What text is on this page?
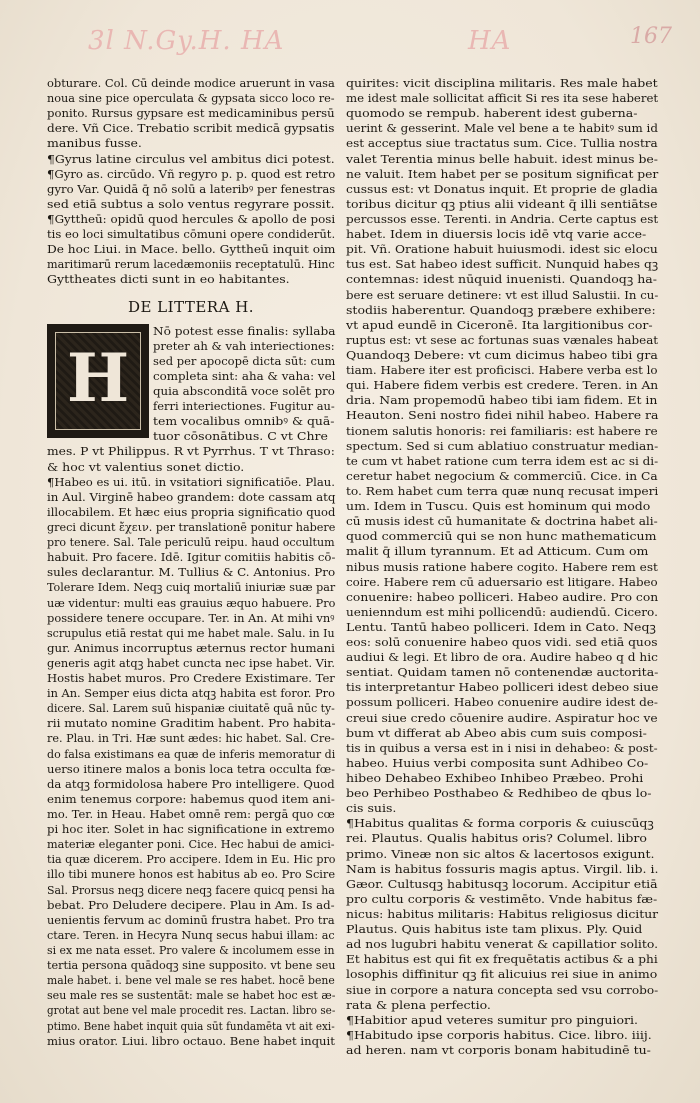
3l N.Gy.H. HA	HA	167
obturare. Col. Cū deinde modice aruerunt in vasa
noua sine pice operculata & gypsata sicco loco re-
ponito. Rursus gypsare est medicaminibus persū
dere. Vñ Cice. Trebatio scribit medicā gypsatis
manibus fusse.
¶Gyrus latine circulus vel ambitus dici potest.
¶Gyro as. circūdo. Vñ regyro p. p. quod est retro
gyro Var. Quidā q̄ nō solū a lateribꝰ per fenestras
sed etiā subtus a solo ventus regyrare possit.
¶Gyttheū: opidū quod hercules & apollo de posi
tis eo loci simultatibus cōmuni opere condiderūt.
De hoc Liui. in Mace. bello. Gyttheū inquit oim
maritimarū rerum lacedæmoniis receptatulū. Hinc
Gyttheates dicti sunt in eo habitantes.
DE LITTERA H.
H
Nō potest esse finalis: syllaba
preter ah & vah interiectiones:
sed per apocopē dicta sūt: cum
completa sint: aha & vaha: vel
quia absconditā voce solēt pro
ferri interiectiones. Fugitur au-
tem vocalibus omnibꝰ & quā-
tuor cōsonātibus. C vt Chre
mes. P vt Philippus. R vt Pyrrhus. T vt Thraso:
& hoc vt valentius sonet dictio.
¶Habeo es ui. itū. in vsitatiori significatiōe. Plau.
in Aul. Virginē habeo grandem: dote cassam atq
illocabilem. Et hæc eius propria significatio quod
greci dicunt ἔχειν. per translationē ponitur habere
pro tenere. Sal. Tale periculū reipu. haud occultum
habuit. Pro facere. Idē. Igitur comitiis habitis cō-
sules declarantur. M. Tullius & C. Antonius. Pro
Tolerare Idem. Neqꝫ cuiq mortaliū iniuriæ suæ par
uæ videntur: multi eas grauius æquo habuere. Pro
possidere tenere occupare. Ter. in An. At mihi vnꝰ
scrupulus etiā restat qui me habet male. Salu. in Iu
gur. Animus incorruptus æternus rector humani
generis agit atqꝫ habet cuncta nec ipse habet. Vir.
Hostis habet muros. Pro Credere Existimare. Ter
in An. Semper eius dicta atqꝫ habita est foror. Pro
dicere. Sal. Larem suū hispaniæ ciuitatē quā nūc ty-
rii mutato nomine Graditim habent. Pro habita-
re. Plau. in Tri. Hæ sunt ædes: hic habet. Sal. Cre-
do falsa existimans ea quæ de inferis memoratur di
uerso itinere malos a bonis loca tetra occulta fœ-
da atqꝫ formidolosa habere Pro intelligere. Quod
enim tenemus corpore: habemus quod item ani-
mo. Ter. in Heau. Habet omnē rem: pergā quo cœ
pi hoc iter. Solet in hac significatione in extremo
materiæ eleganter poni. Cice. Hec habui de amici-
tia quæ dicerem. Pro accipere. Idem in Eu. Hic pro
illo tibi munere honos est habitus ab eo. Pro Scire
Sal. Prorsus neqꝫ dicere neqꝫ facere quicq pensi ha
bebat. Pro Deludere decipere. Plau in Am. Is ad-
uenientis fervum ac dominū frustra habet. Pro tra
ctare. Teren. in Hecyra Nunq secus habui illam: ac
si ex me nata esset. Pro valere & incolumem esse in
tertia persona quādoqꝫ sine supposito. vt bene seu
male habet. i. bene vel male se res habet. hocē bene
seu male res se sustentāt: male se habet hoc est æ-
grotat aut bene vel male procedit res. Lactan. libro se-
ptimo. Bene habet inquit quia sūt fundamēta vt ait exi-
mius orator. Liui. libro octauo. Bene habet inquit
quirites: vicit disciplina militaris. Res male habet
me idest male sollicitat afficit Si res ita sese haberet
quomodo se rempub. haberent idest guberna-
uerint & gesserint. Male vel bene a te habitꝰ sum id
est acceptus siue tractatus sum. Cice. Tullia nostra
valet Terentia minus belle habuit. idest minus be-
ne valuit. Item habet per se positum significat per
cussus est: vt Donatus inquit. Et proprie de gladia
toribus dicitur qꝫ ptius alii videant q̄ illi sentiātse
percussos esse. Terenti. in Andria. Certe captus est
habet. Idem in diuersis locis idē vtq varie acce-
pit. Vñ. Oratione habuit huiusmodi. idest sic elocu
tus est. Sat habeo idest sufficit. Nunquid habes qꝫ
contemnas: idest nūquid inuenisti. Quandoqꝫ ha-
bere est seruare detinere: vt est illud Salustii. In cu-
stodiis haberentur. Quandoqꝫ præbere exhibere:
vt apud eundē in Ciceronē. Ita largitionibus cor-
ruptus est: vt sese ac fortunas suas vænales habeat
Quandoqꝫ Debere: vt cum dicimus habeo tibi gra
tiam. Habere iter est proficisci. Habere verba est lo
qui. Habere fidem verbis est credere. Teren. in An
dria. Nam propemodū habeo tibi iam fidem. Et in
Heauton. Seni nostro fidei nihil habeo. Habere ra
tionem salutis honoris: rei familiaris: est habere re
spectum. Sed si cum ablatiuo construatur median-
te cum vt habet ratione cum terra idem est ac si di-
ceretur habet negocium & commerciū. Cice. in Ca
to. Rem habet cum terra quæ nunq recusat imperi
um. Idem in Tuscu. Quis est hominum qui modo
cū musis idest cū humanitate & doctrina habet ali-
quod commerciū qui se non hunc mathematicum
malit q̄ illum tyrannum. Et ad Atticum. Cum om
nibus musis ratione habere cogito. Habere rem est
coire. Habere rem cū aduersario est litigare. Habeo
conuenire: habeo polliceri. Habeo audire. Pro con
uenienndum est mihi pollicendū: audiendū. Cicero.
Lentu. Tantū habeo polliceri. Idem in Cato. Neqꝫ
eos: solū conuenire habeo quos vidi. sed etiā quos
audiui & legi. Et libro de ora. Audire habeo q d hic
sentiat. Quidam tamen nō contenendæ auctorita-
tis interpretantur Habeo polliceri idest debeo siue
possum polliceri. Habeo conuenire audire idest de-
creui siue credo cōuenire audire. Aspiratur hoc ve
bum vt differat ab Abeo abis cum suis composi-
tis in quibus a versa est in i nisi in dehabeo: & post-
habeo. Huius verbi composita sunt Adhibeo Co-
hibeo Dehabeo Exhibeo Inhibeo Præbeo. Prohi
beo Perhibeo Posthabeo & Redhibeo de qbus lo-
cis suis.
¶Habitus qualitas & forma corporis & cuiuscūqꝫ
rei. Plautus. Qualis habitus oris? Columel. libro
primo. Vineæ non sic altos & lacertosos exigunt.
Nam is habitus fossuris magis aptus. Virgil. lib. i.
Gæor. Cultusqꝫ habitusqꝫ locorum. Accipitur etiā
pro cultu corporis & vestimēto. Vnde habitus fæ-
nicus: habitus militaris: Habitus religiosus dicitur
Plautus. Quis habitus iste tam plixus. Ply. Quid
ad nos lugubri habitu venerat & capillatior solito.
Et habitus est qui fit ex frequētatis actibus & a phi
losophis diffinitur qꝫ fit alicuius rei siue in animo
siue in corpore a natura concepta sed vsu corrobo-
rata & plena perfectio.
¶Habitior apud veteres sumitur pro pinguiori.
¶Habitudo ipse corporis habitus. Cice. libro. iiij.
ad heren. nam vt corporis bonam habitudinē tu-
